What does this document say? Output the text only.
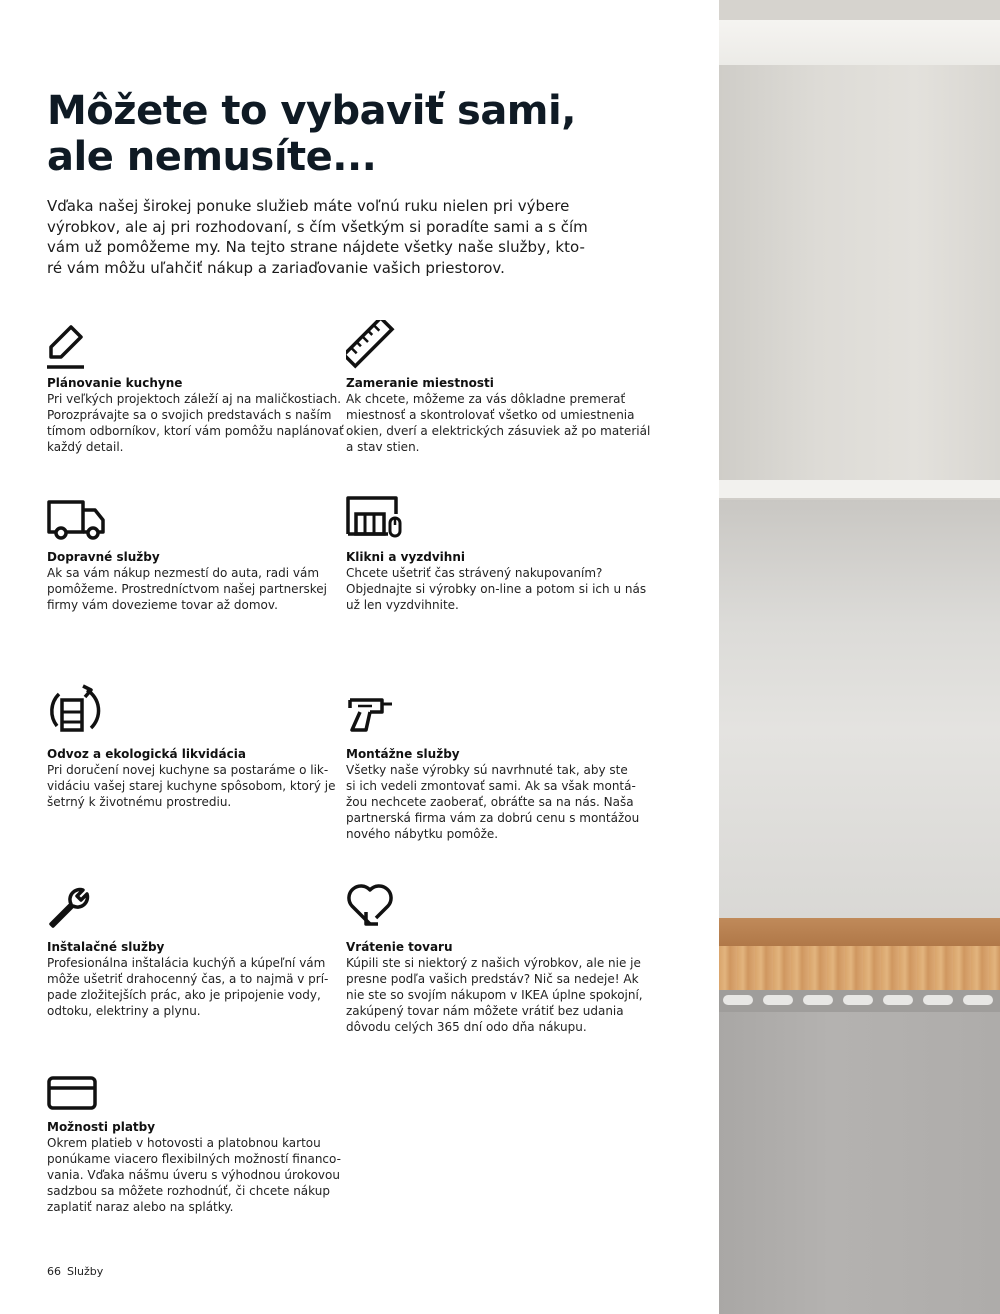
Môžete to vybaviť sami,
ale nemusíte...
Vďaka našej širokej ponuke služieb máte voľnú ruku nielen pri výbere
výrobkov, ale aj pri rozhodovaní, s čím všetkým si poradíte sami a s čím
vám už pomôžeme my. Na tejto strane nájdete všetky naše služby, kto-
ré vám môžu uľahčiť nákup a zariaďovanie vašich priestorov.
Plánovanie kuchyne
Pri veľkých projektoch záleží aj na maličkostiach.
Porozprávajte sa o svojich predstavách s naším
tímom odborníkov, ktorí vám pomôžu naplánovať
každý detail.
Zameranie miestnosti
Ak chcete, môžeme za vás dôkladne premerať
miestnosť a skontrolovať všetko od umiestnenia
okien, dverí a elektrických zásuviek až po materiál
a stav stien.
Dopravné služby
Ak sa vám nákup nezmestí do auta, radi vám
pomôžeme. Prostredníctvom našej partnerskej
firmy vám dovezieme tovar až domov.
Klikni a vyzdvihni
Chcete ušetriť čas strávený nakupovaním?
Objednajte si výrobky on-line a potom si ich u nás
už len vyzdvihnite.
Odvoz a ekologická likvidácia
Pri doručení novej kuchyne sa postaráme o lik-
vidáciu vašej starej kuchyne spôsobom, ktorý je
šetrný k životnému prostrediu.
Montážne služby
Všetky naše výrobky sú navrhnuté tak, aby ste
si ich vedeli zmontovať sami. Ak sa však montá-
žou nechcete zaoberať, obráťte sa na nás. Naša
partnerská firma vám za dobrú cenu s montážou
nového nábytku pomôže.
Inštalačné služby
Profesionálna inštalácia kuchýň a kúpeľní vám
môže ušetriť drahocenný čas, a to najmä v prí-
pade zložitejších prác, ako je pripojenie vody,
odtoku, elektriny a plynu.
Vrátenie tovaru
Kúpili ste si niektorý z našich výrobkov, ale nie je
presne podľa vašich predstáv? Nič sa nedeje! Ak
nie ste so svojím nákupom v IKEA úplne spokojní,
zakúpený tovar nám môžete vrátiť bez udania
dôvodu celých 365 dní odo dňa nákupu.
Možnosti platby
Okrem platieb v hotovosti a platobnou kartou
ponúkame viacero flexibilných možností financo-
vania. Vďaka nášmu úveru s výhodnou úrokovou
sadzbou sa môžete rozhodnúť, či chcete nákup
zaplatiť naraz alebo na splátky.
66 Služby
